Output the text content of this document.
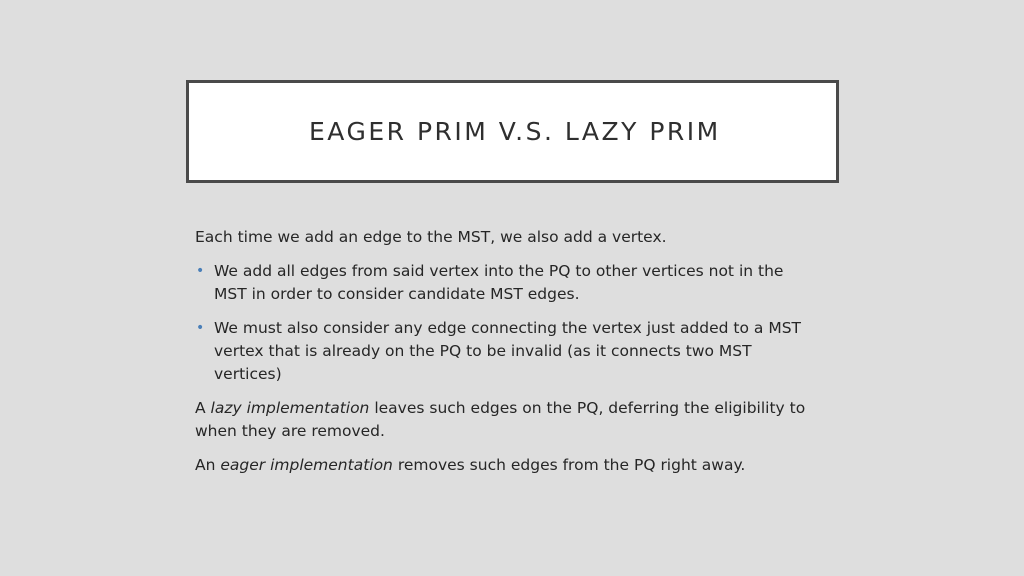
EAGER PRIM V.S. LAZY PRIM

Each time we add an edge to the MST, we also add a vertex.

• We add all edges from said vertex into the PQ to other vertices not in the MST in order to consider candidate MST edges.
• We must also consider any edge connecting the vertex just added to a MST vertex that is already on the PQ to be invalid (as it connects two MST vertices)

A lazy implementation leaves such edges on the PQ, deferring the eligibility to when they are removed.

An eager implementation removes such edges from the PQ right away.
